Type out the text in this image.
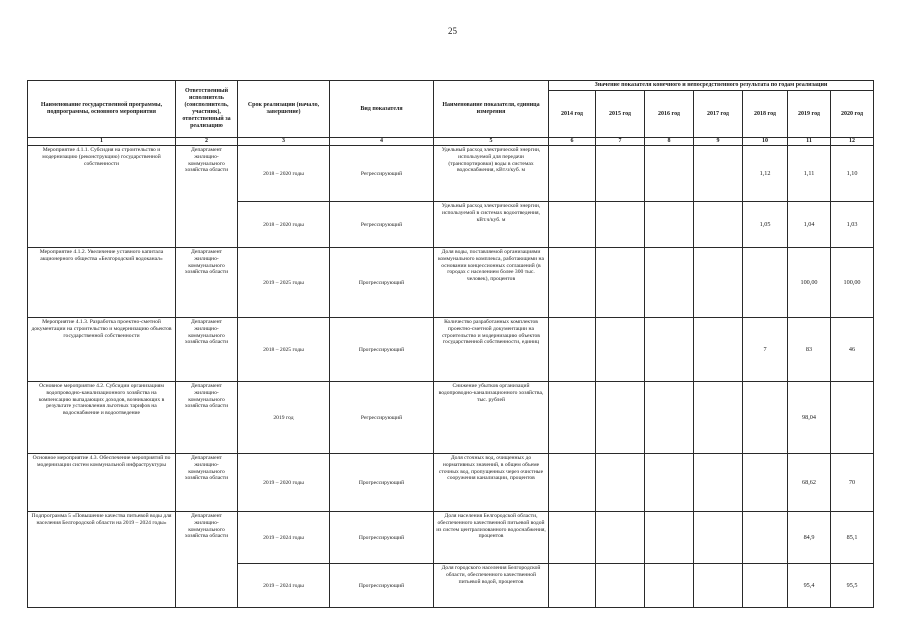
25
Наименование государственной программы, подпрограммы, основного мероприятия	Ответственный исполнитель (соисполнитель, участник), ответственный за реализацию	Срок реализации (начало, завершение)	Вид показателя	Наименование показателя, единица измерения	Значение показателя конечного и непосредственного результата по годам реализации						
					2014 год	2015 год	2016 год	2017 год	2018 год	2019 год	2020 год
1	2	3	4	5	6	7	8	9	10	11	12
Мероприятие 4.1.1. Субсидия на строительство и модернизацию (реконструкцию) государственной собственности	Департамент жилищно-коммунального хозяйства области	2018 – 2020 годы	Регрессирующий	Удельный расход электрической энергии, используемой для передачи (транспортировки) воды в системах водоснабжения, кВт.ч/куб. м					1,12	1,11	1,10
		2018 – 2020 годы	Регрессирующий	Удельный расход электрической энергии, используемой в системах водоотведения, кВт.ч/куб. м					1,05	1,04	1,03
Мероприятие 4.1.2. Увеличение уставного капитала акционерного общества «Белгородский водоканал»	Департамент жилищно-коммунального хозяйства области	2019 – 2025 годы	Прогрессирующий	Доля воды, поставляемой организациями коммунального комплекса, работающими на основании концессионных соглашений (в городах с населением более 300 тыс. человек), процентов						100,00	100,00
Мероприятие 4.1.3. Разработка проектно-сметной документации на строительство и модернизацию объектов государственной собственности	Департамент жилищно-коммунального хозяйства области	2018 – 2025 годы	Прогрессирующий	Количество разработанных комплектов проектно-сметной документации на строительство и модернизацию объектов государственной собственности, единиц					7	83	46
Основное мероприятие 4.2. Субсидии организациям водопроводно-канализационного хозяйства на компенсацию выпадающих доходов, возникающих в результате установления льготных тарифов на водоснабжение и водоотведение	Департамент жилищно-коммунального хозяйства области	2019 год	Регрессирующий	Снижение убытков организаций водопроводно-канализационного хозяйства, тыс. рублей						98,04	
Основное мероприятие 4.3. Обеспечение мероприятий по модернизации систем коммунальной инфраструктуры	Департамент жилищно-коммунального хозяйства области	2019 – 2020 годы	Прогрессирующий	Доля сточных вод, очищенных до нормативных значений, в общем объеме сточных вод, пропущенных через очистные сооружения канализации, процентов						68,62	70
Подпрограмма 5 «Повышение качества питьевой воды для населения Белгородской области на 2019 – 2024 годы»	Департамент жилищно-коммунального хозяйства области	2019 – 2024 годы	Прогрессирующий	Доля населения Белгородской области, обеспеченного качественной питьевой водой из систем централизованного водоснабжения, процентов						84,9	85,1
		2019 – 2024 годы	Прогрессирующий	Доля городского населения Белгородской области, обеспеченного качественной питьевой водой, процентов						95,4	95,5
